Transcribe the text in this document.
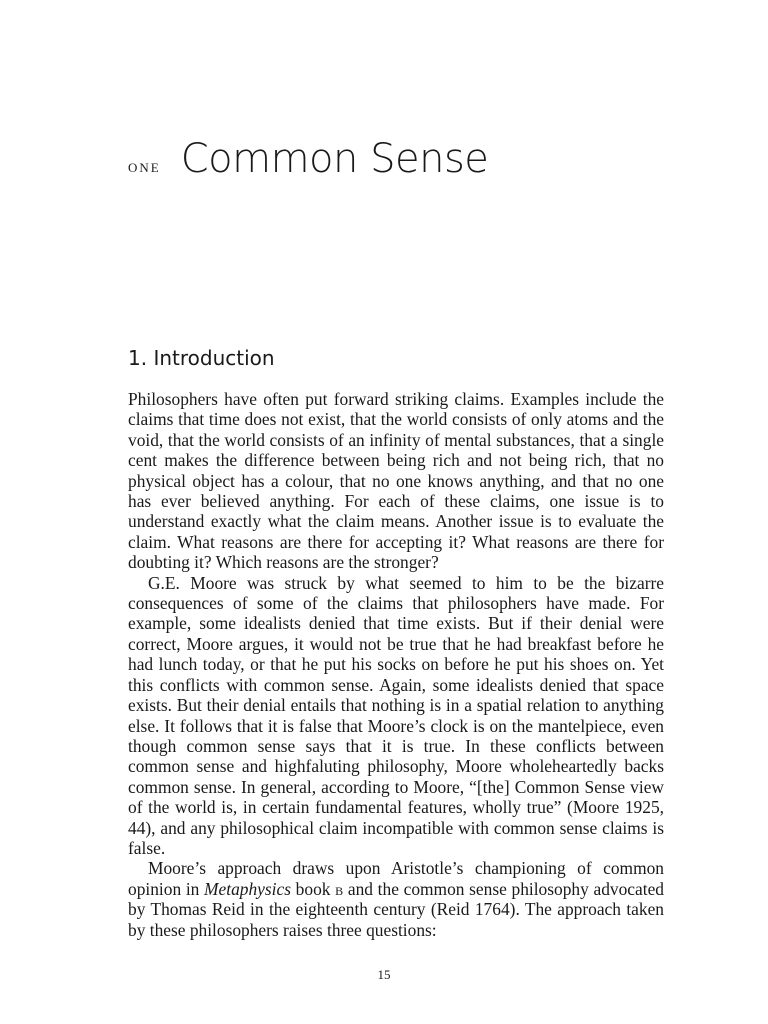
one Common Sense
1. Introduction

Philosophers have often put forward striking claims. Examples include the claims that time does not exist, that the world consists of only atoms and the void, that the world consists of an infinity of mental substances, that a single cent makes the difference between being rich and not being rich, that no physical object has a colour, that no one knows anything, and that no one has ever believed anything. For each of these claims, one issue is to understand exactly what the claim means. Another issue is to evaluate the claim. What reasons are there for accepting it? What reasons are there for doubting it? Which reasons are the stronger?

G.E. Moore was struck by what seemed to him to be the bizarre consequences of some of the claims that philosophers have made. For example, some idealists denied that time exists. But if their denial were correct, Moore argues, it would not be true that he had breakfast before he had lunch today, or that he put his socks on before he put his shoes on. Yet this conflicts with common sense. Again, some idealists denied that space exists. But their denial entails that nothing is in a spatial relation to anything else. It follows that it is false that Moore’s clock is on the mantelpiece, even though common sense says that it is true. In these conflicts between common sense and highfaluting philosophy, Moore wholeheartedly backs common sense. In general, according to Moore, “[the] Common Sense view of the world is, in certain fundamental features, wholly true” (Moore 1925, 44), and any philosophical claim incompatible with common sense claims is false.

Moore’s approach draws upon Aristotle’s championing of common opinion in Metaphysics book b and the common sense philosophy advocated by Thomas Reid in the eighteenth century (Reid 1764). The approach taken by these philosophers raises three questions:

15
